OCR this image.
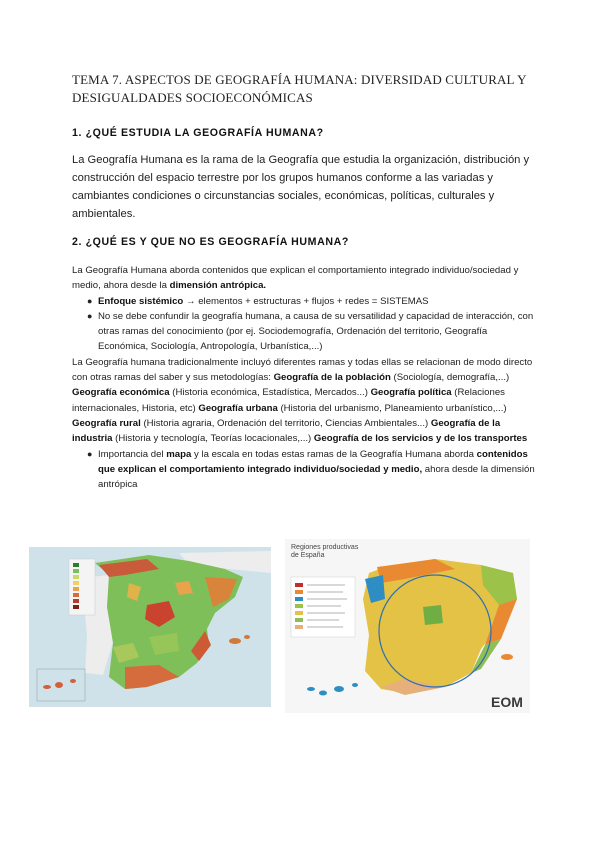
TEMA 7. ASPECTOS DE GEOGRAFÍA HUMANA: DIVERSIDAD CULTURAL Y DESIGUALDADES SOCIOECONÓMICAS
1. ¿QUÉ ESTUDIA LA GEOGRAFÍA HUMANA?
La Geografía Humana es la rama de la Geografía que estudia la organización, distribución y construcción del espacio terrestre por los grupos humanos conforme a las variadas y cambiantes condiciones o circunstancias sociales, económicas, políticas, culturales y ambientales.
2. ¿QUÉ ES Y QUE NO ES GEOGRAFÍA HUMANA?
La Geografía Humana aborda contenidos que explican el comportamiento integrado individuo/sociedad y medio, ahora desde la dimensión antrópica.
● Enfoque sistémico → elementos + estructuras + flujos + redes = SISTEMAS
● No se debe confundir la geografía humana, a causa de su versatilidad y capacidad de interacción, con otras ramas del conocimiento (por ej. Sociodemografía, Ordenación del territorio, Geografía Económica, Sociología, Antropología, Urbanística,...)
La Geografía humana tradicionalmente incluyó diferentes ramas y todas ellas se relacionan de modo directo con otras ramas del saber y sus metodologías: Geografía de la población (Sociología, demografía,...) Geografía económica (Historia económica, Estadística, Mercados...) Geografía política (Relaciones internacionales, Historia, etc) Geografía urbana (Historia del urbanismo, Planeamiento urbanístico,...) Geografía rural (Historia agraria, Ordenación del territorio, Ciencias Ambientales...) Geografía de la industria (Historia y tecnología, Teorías locacionales,...) Geografía de los servicios y de los transportes
● Importancia del mapa y la escala en todas estas ramas de la Geografía Humana aborda contenidos que explican el comportamiento integrado individuo/sociedad y medio, ahora desde la dimensión antrópica
Regiones productivas
de España
EOM
